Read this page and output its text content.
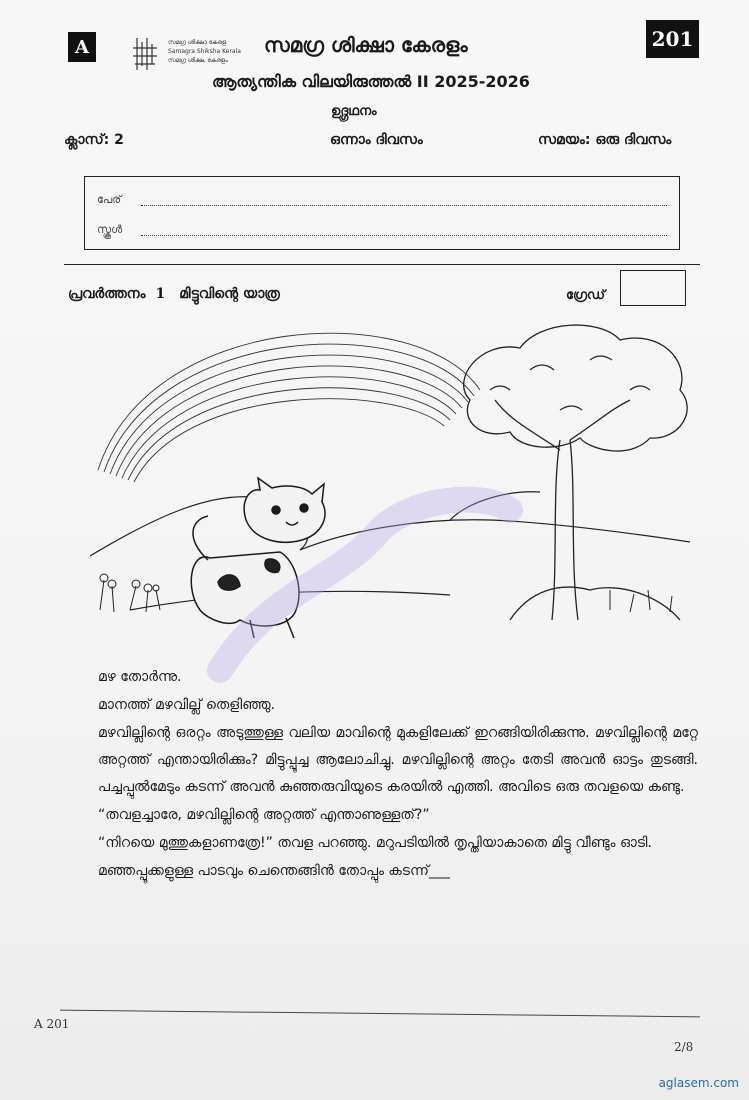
A	സമഗ്ര ശിക്ഷാ കേരള
Samagra Shiksha Kerala
സമഗ്ര ശിക്ഷ, കേരളം
സമഗ്ര ശിക്ഷാ കേരളം	201
ആത്യന്തിക വിലയിരുത്തൽ II 2025-2026
ഉദ്ഗ്രഥനം
ക്ലാസ്: 2	ഒന്നാം ദിവസം	സമയം: ഒരു ദിവസം
പേര്
സ്കൂൾ
പ്രവർത്തനം 1 മിട്ടുവിന്റെ യാത്ര	ഗ്രേഡ്

മഴ തോർന്നു.

മാനത്ത് മഴവില്ല് തെളിഞ്ഞു.

മഴവില്ലിന്റെ ഒരറ്റം അടുത്തുള്ള വലിയ മാവിന്റെ മുകളിലേക്ക് ഇറങ്ങിയിരിക്കുന്നു. മഴവില്ലിന്റെ മറ്റേ അറ്റത്ത് എന്തായിരിക്കും? മിട്ടുപ്പൂച്ച ആലോചിച്ചു. മഴവില്ലിന്റെ അറ്റം തേടി അവൻ ഓട്ടം തുടങ്ങി. പച്ചപ്പുൽമേടും കടന്ന് അവൻ കുഞ്ഞരുവിയുടെ കരയിൽ എത്തി. അവിടെ ഒരു തവളയെ കണ്ടു.

“തവളച്ചാരേ, മഴവില്ലിന്റെ അറ്റത്ത് എന്താണുള്ളത്?”

“നിറയെ മുത്തുകളാണത്രേ!” തവള പറഞ്ഞു. മറുപടിയിൽ തൃപ്തിയാകാതെ മിട്ടു വീണ്ടും ഓടി.

മഞ്ഞപ്പൂക്കളുള്ള പാടവും ചെന്തെങ്ങിൻ തോപ്പും കടന്ന്___

A 201
2/8
aglasem.com
